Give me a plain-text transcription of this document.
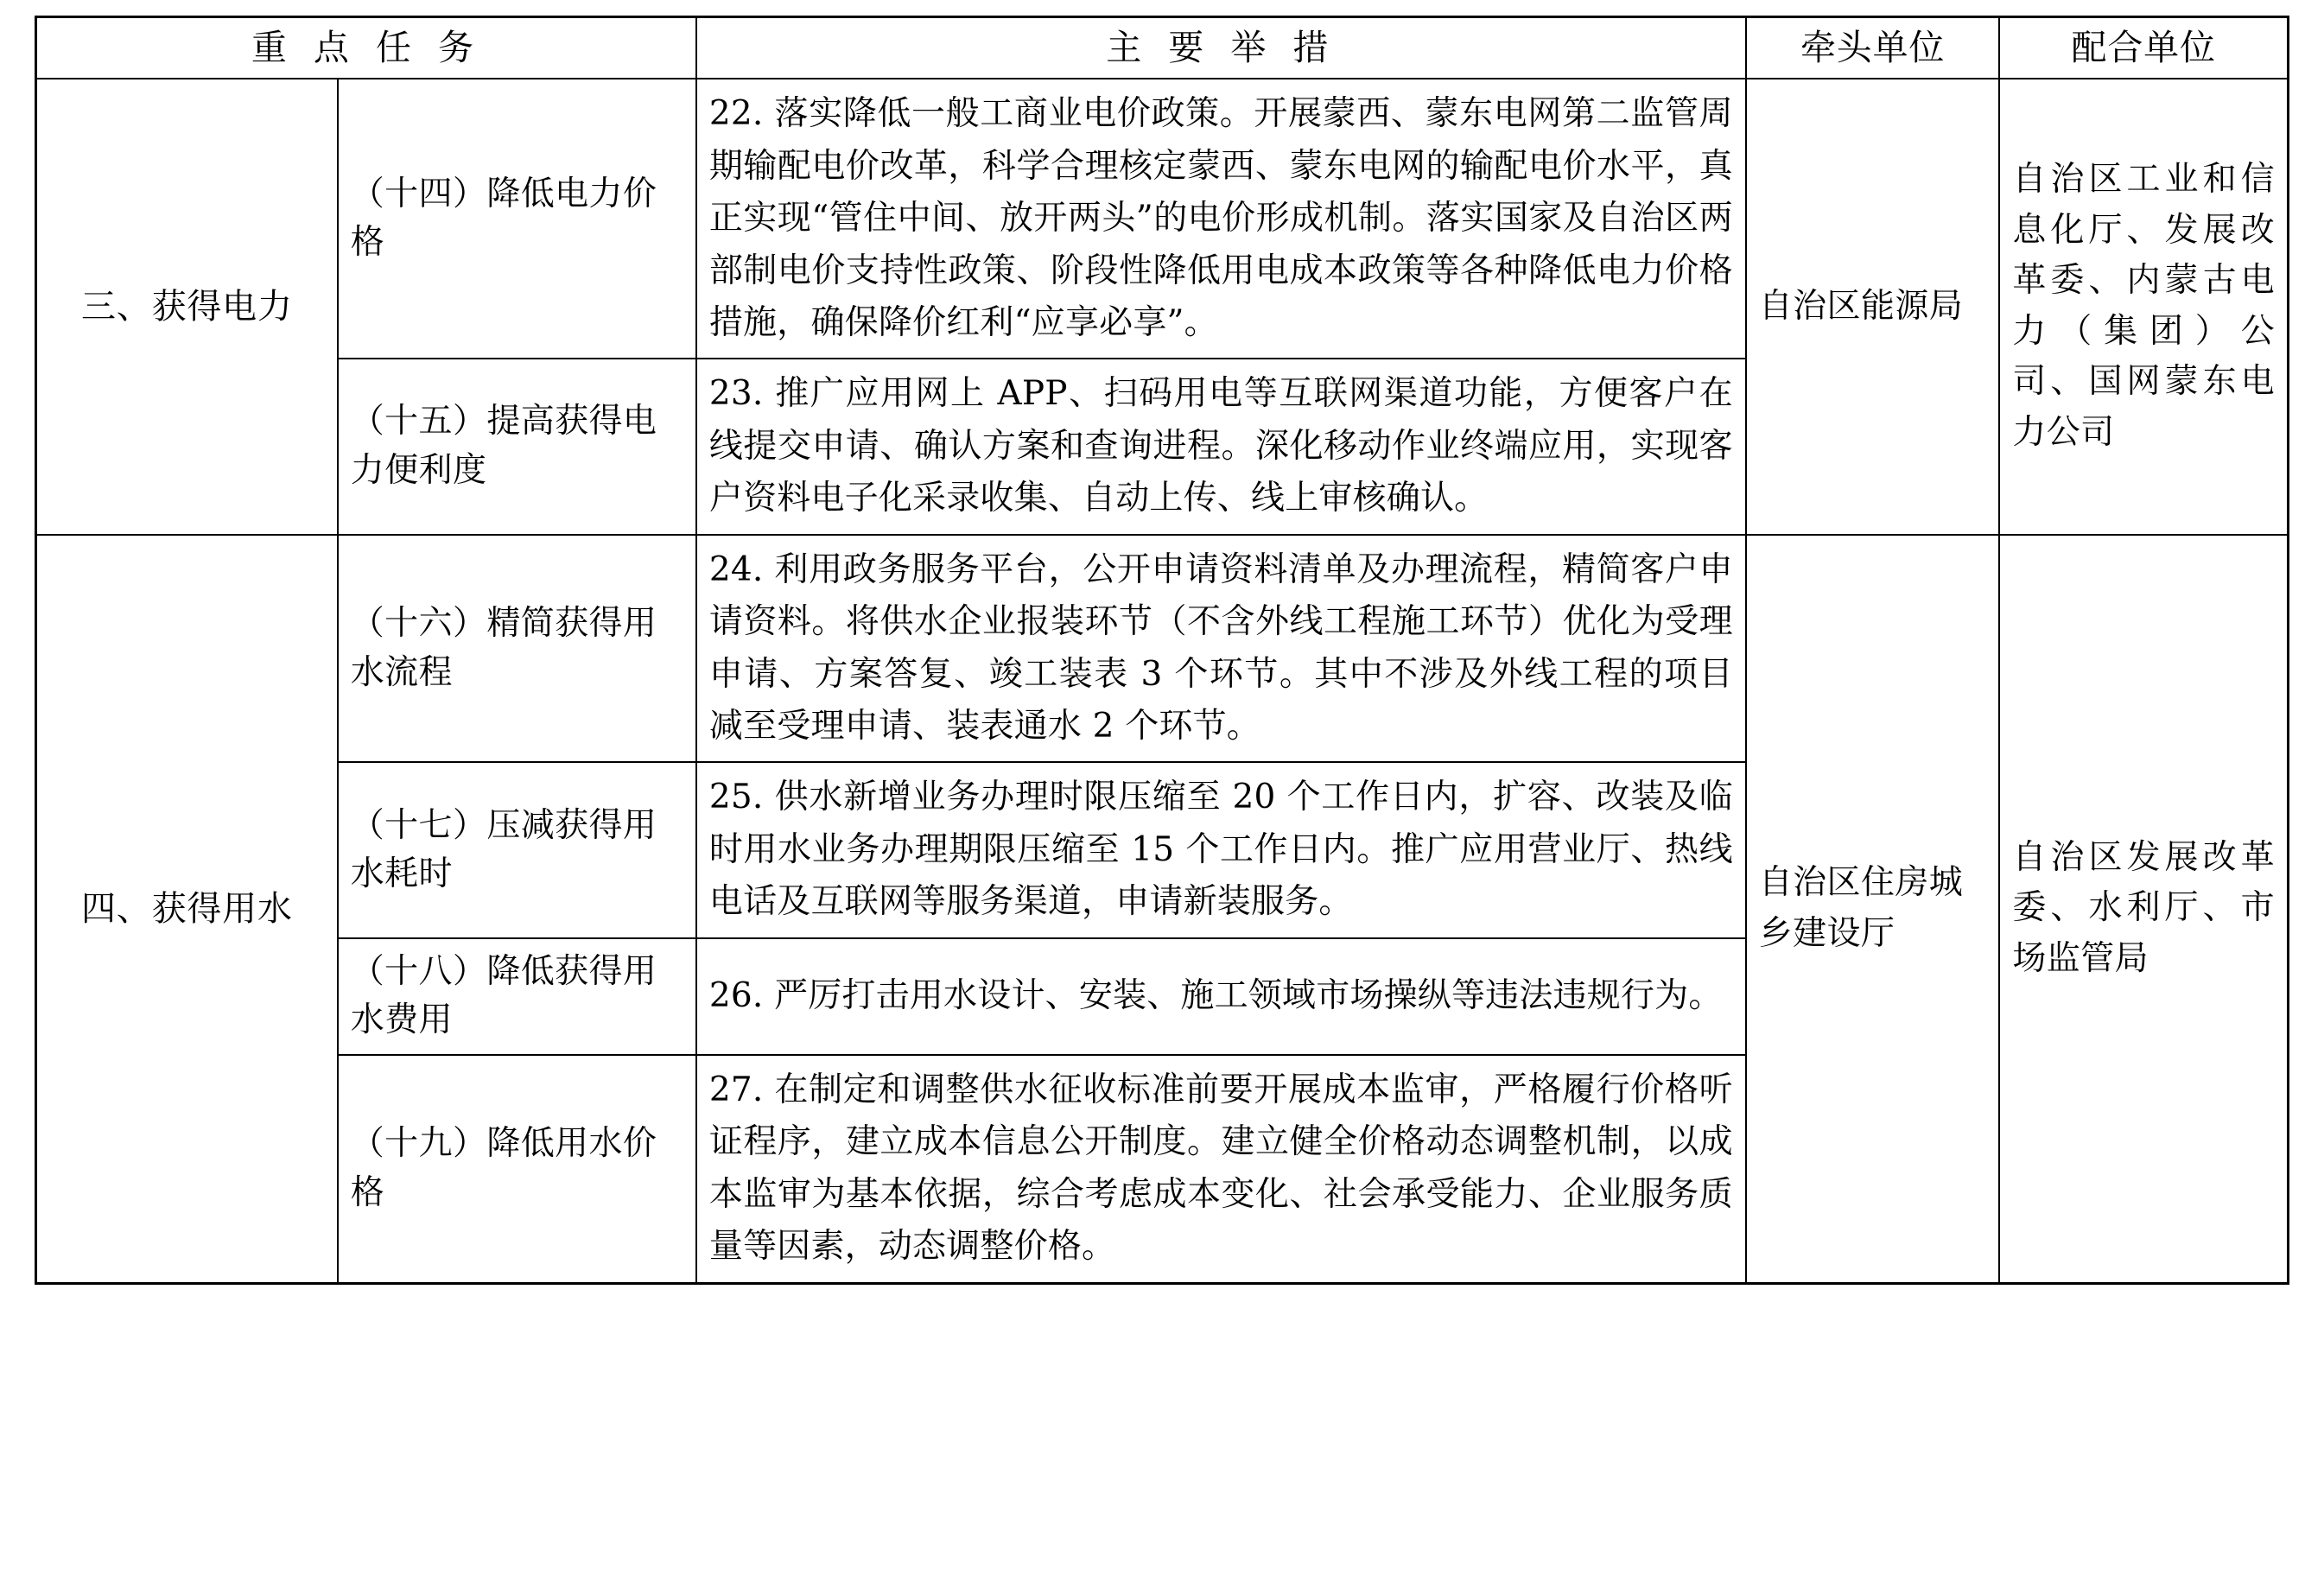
重 点 任 务		主 要 举 措	牵头单位	配合单位
三、获得电力	（十四）降低电力价格	22. 落实降低一般工商业电价政策。开展蒙西、蒙东电网第二监管周期输配电价改革，科学合理核定蒙西、蒙东电网的输配电价水平，真正实现“管住中间、放开两头”的电价形成机制。落实国家及自治区两部制电价支持性政策、阶段性降低用电成本政策等各种降低电力价格措施，确保降价红利“应享必享”。	自治区能源局	自治区工业和信息化厅、发展改革委、内蒙古电力（集团）公司、国网蒙东电力公司
	（十五）提高获得电力便利度	23. 推广应用网上 APP、扫码用电等互联网渠道功能，方便客户在线提交申请、确认方案和查询进程。深化移动作业终端应用，实现客户资料电子化采录收集、自动上传、线上审核确认。		
四、获得用水	（十六）精简获得用水流程	24. 利用政务服务平台，公开申请资料清单及办理流程，精简客户申请资料。将供水企业报装环节（不含外线工程施工环节）优化为受理申请、方案答复、竣工装表 3 个环节。其中不涉及外线工程的项目减至受理申请、装表通水 2 个环节。	自治区住房城乡建设厅	自治区发展改革委、水利厅、市场监管局
	（十七）压减获得用水耗时	25. 供水新增业务办理时限压缩至 20 个工作日内，扩容、改装及临时用水业务办理期限压缩至 15 个工作日内。推广应用营业厅、热线电话及互联网等服务渠道，申请新装服务。		
	（十八）降低获得用水费用	26. 严厉打击用水设计、安装、施工领域市场操纵等违法违规行为。		
	（十九）降低用水价格	27. 在制定和调整供水征收标准前要开展成本监审，严格履行价格听证程序，建立成本信息公开制度。建立健全价格动态调整机制，以成本监审为基本依据，综合考虑成本变化、社会承受能力、企业服务质量等因素，动态调整价格。		
